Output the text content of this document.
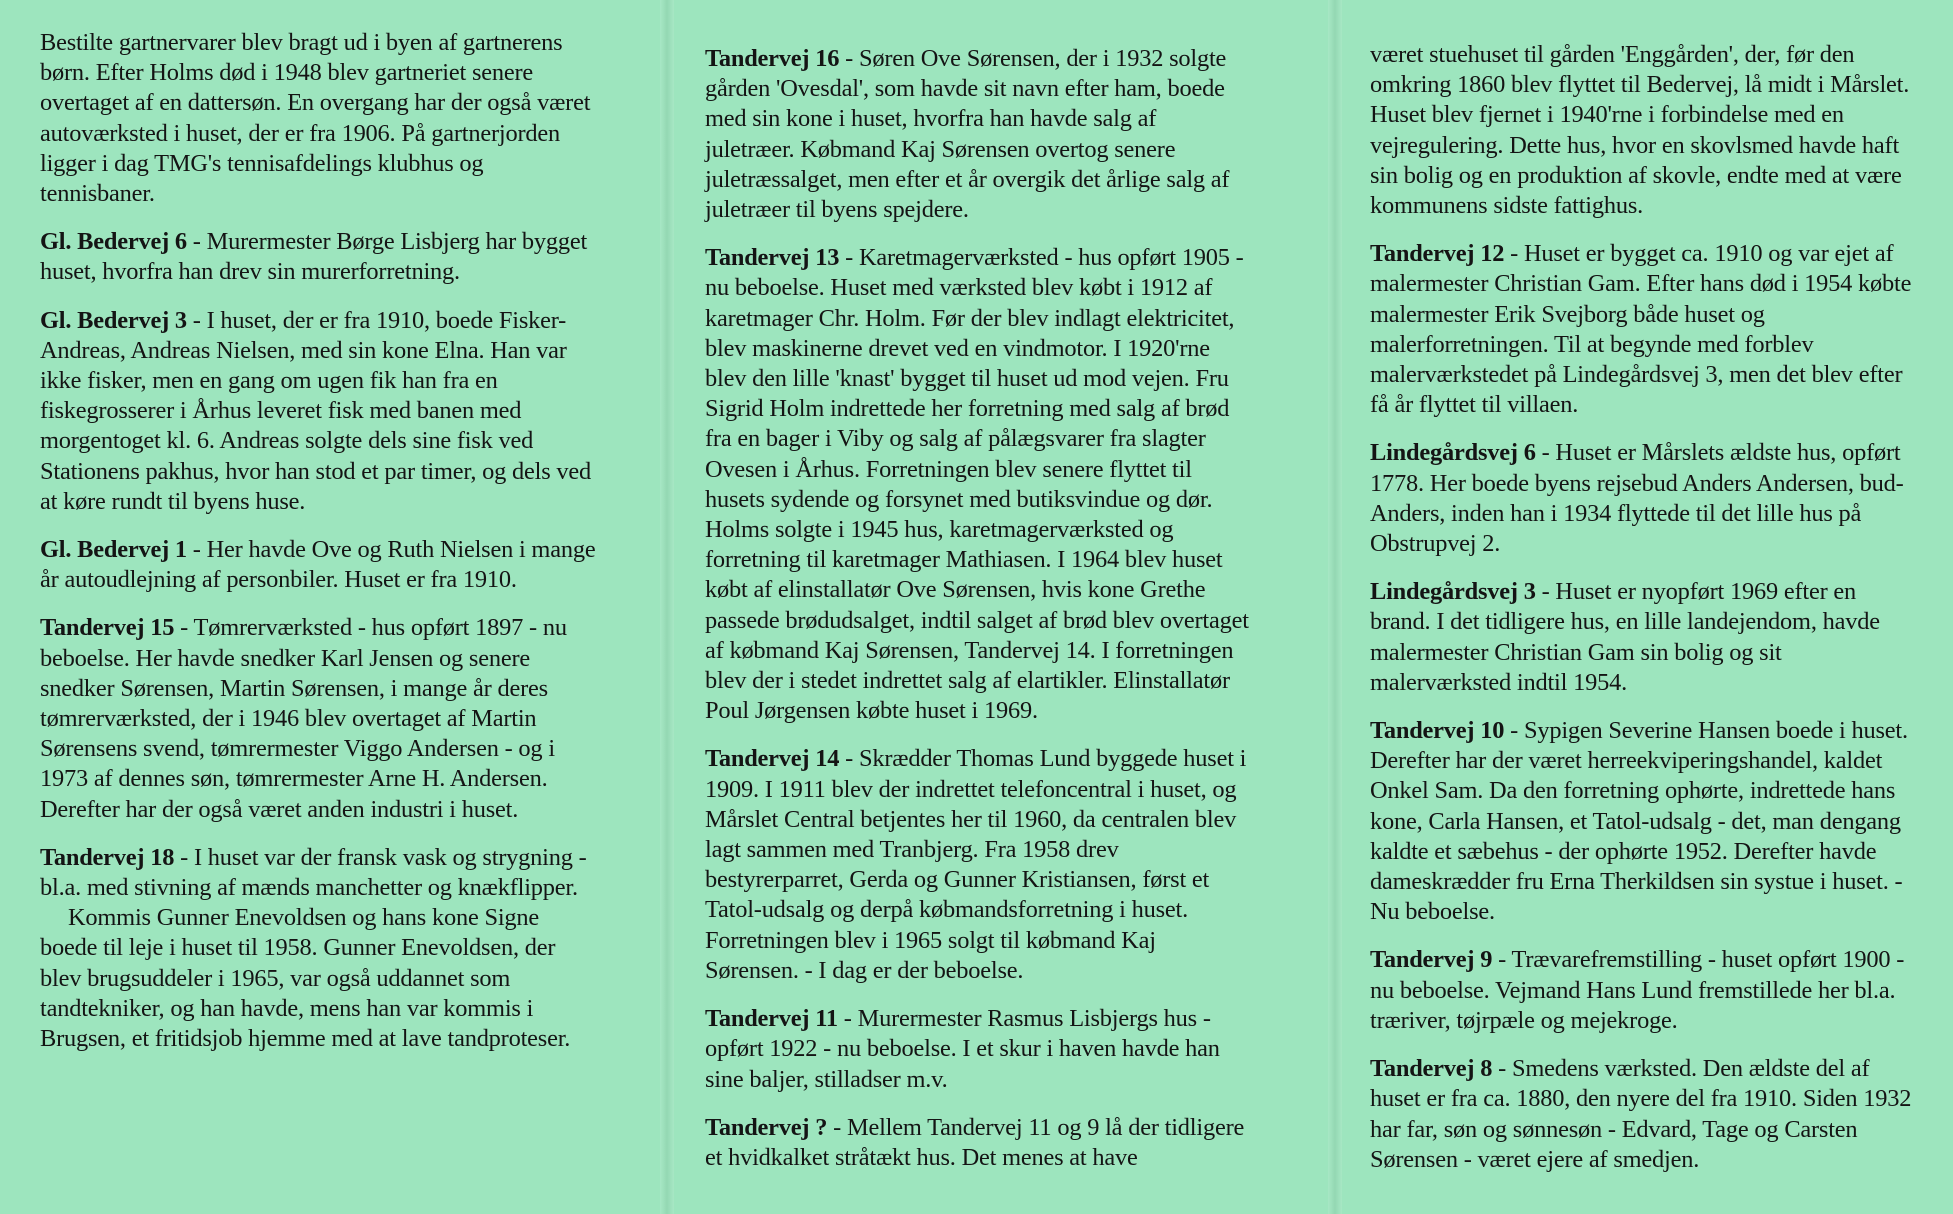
Bestilte gartnervarer blev bragt ud i byen af gartnerens børn. Efter Holms død i 1948 blev gartneriet senere overtaget af en dattersøn. En overgang har der også været autoværksted i huset, der er fra 1906. På gartnerjorden ligger i dag TMG's tennisafdelings klubhus og tennisbaner.

Gl. Bedervej 6 - Murermester Børge Lisbjerg har bygget huset, hvorfra han drev sin murerforretning.

Gl. Bedervej 3 - I huset, der er fra 1910, boede Fisker-Andreas, Andreas Nielsen, med sin kone Elna. Han var ikke fisker, men en gang om ugen fik han fra en fiskegrosserer i Århus leveret fisk med banen med morgentoget kl. 6. Andreas solgte dels sine fisk ved Stationens pakhus, hvor han stod et par timer, og dels ved at køre rundt til byens huse.

Gl. Bedervej 1 - Her havde Ove og Ruth Nielsen i mange år autoudlejning af personbiler. Huset er fra 1910.

Tandervej 15 - Tømrerværksted - hus opført 1897 - nu beboelse. Her havde snedker Karl Jensen og senere snedker Sørensen, Martin Sørensen, i mange år deres tømrerværksted, der i 1946 blev overtaget af Martin Sørensens svend, tømrermester Viggo Andersen - og i 1973 af dennes søn, tømrermester Arne H. Andersen. Derefter har der også været anden industri i huset.

Tandervej 18 - I huset var der fransk vask og strygning - bl.a. med stivning af mænds manchetter og knækflipper.

Kommis Gunner Enevoldsen og hans kone Signe boede til leje i huset til 1958. Gunner Enevoldsen, der blev brugsuddeler i 1965, var også uddannet som tandtekniker, og han havde, mens han var kommis i Brugsen, et fritidsjob hjemme med at lave tandproteser.

Tandervej 16 - Søren Ove Sørensen, der i 1932 solgte gården 'Ovesdal', som havde sit navn efter ham, boede med sin kone i huset, hvorfra han havde salg af juletræer. Købmand Kaj Sørensen overtog senere juletræssalget, men efter et år overgik det årlige salg af juletræer til byens spejdere.

Tandervej 13 - Karetmagerværksted - hus opført 1905 - nu beboelse. Huset med værksted blev købt i 1912 af karetmager Chr. Holm. Før der blev indlagt elektricitet, blev maskinerne drevet ved en vindmotor. I 1920'rne blev den lille 'knast' bygget til huset ud mod vejen. Fru Sigrid Holm indrettede her forretning med salg af brød fra en bager i Viby og salg af pålægsvarer fra slagter Ovesen i Århus. Forretningen blev senere flyttet til husets sydende og forsynet med butiksvindue og dør. Holms solgte i 1945 hus, karetmagerværksted og forretning til karetmager Mathiasen. I 1964 blev huset købt af elinstallatør Ove Sørensen, hvis kone Grethe passede brødudsalget, indtil salget af brød blev overtaget af købmand Kaj Sørensen, Tandervej 14. I forretningen blev der i stedet indrettet salg af elartikler. Elinstallatør Poul Jørgensen købte huset i 1969.

Tandervej 14 - Skrædder Thomas Lund byggede huset i 1909. I 1911 blev der indrettet telefoncentral i huset, og Mårslet Central betjentes her til 1960, da centralen blev lagt sammen med Tranbjerg. Fra 1958 drev bestyrerparret, Gerda og Gunner Kristiansen, først et Tatol-udsalg og derpå købmandsforretning i huset. Forretningen blev i 1965 solgt til købmand Kaj Sørensen. - I dag er der beboelse.

Tandervej 11 - Murermester Rasmus Lisbjergs hus - opført 1922 - nu beboelse. I et skur i haven havde han sine baljer, stilladser m.v.

Tandervej ? - Mellem Tandervej 11 og 9 lå der tidligere et hvidkalket stråtækt hus. Det menes at have

været stuehuset til gården 'Enggården', der, før den omkring 1860 blev flyttet til Bedervej, lå midt i Mårslet. Huset blev fjernet i 1940'rne i forbindelse med en vejregulering. Dette hus, hvor en skovlsmed havde haft sin bolig og en produktion af skovle, endte med at være kommunens sidste fattighus.

Tandervej 12 - Huset er bygget ca. 1910 og var ejet af malermester Christian Gam. Efter hans død i 1954 købte malermester Erik Svejborg både huset og malerforretningen. Til at begynde med forblev malerværkstedet på Lindegårdsvej 3, men det blev efter få år flyttet til villaen.

Lindegårdsvej 6 - Huset er Mårslets ældste hus, opført 1778. Her boede byens rejsebud Anders Andersen, bud-Anders, inden han i 1934 flyttede til det lille hus på Obstrupvej 2.

Lindegårdsvej 3 - Huset er nyopført 1969 efter en brand. I det tidligere hus, en lille landejendom, havde malermester Christian Gam sin bolig og sit malerværksted indtil 1954.

Tandervej 10 - Sypigen Severine Hansen boede i huset. Derefter har der været herreekviperingshandel, kaldet Onkel Sam. Da den forretning ophørte, indrettede hans kone, Carla Hansen, et Tatol-udsalg - det, man dengang kaldte et sæbehus - der ophørte 1952. Derefter havde dameskrædder fru Erna Therkildsen sin systue i huset. - Nu beboelse.

Tandervej 9 - Trævarefremstilling - huset opført 1900 - nu beboelse. Vejmand Hans Lund fremstillede her bl.a. træriver, tøjrpæle og mejekroge.

Tandervej 8 - Smedens værksted. Den ældste del af huset er fra ca. 1880, den nyere del fra 1910. Siden 1932 har far, søn og sønnesøn - Edvard, Tage og Carsten Sørensen - været ejere af smedjen.
